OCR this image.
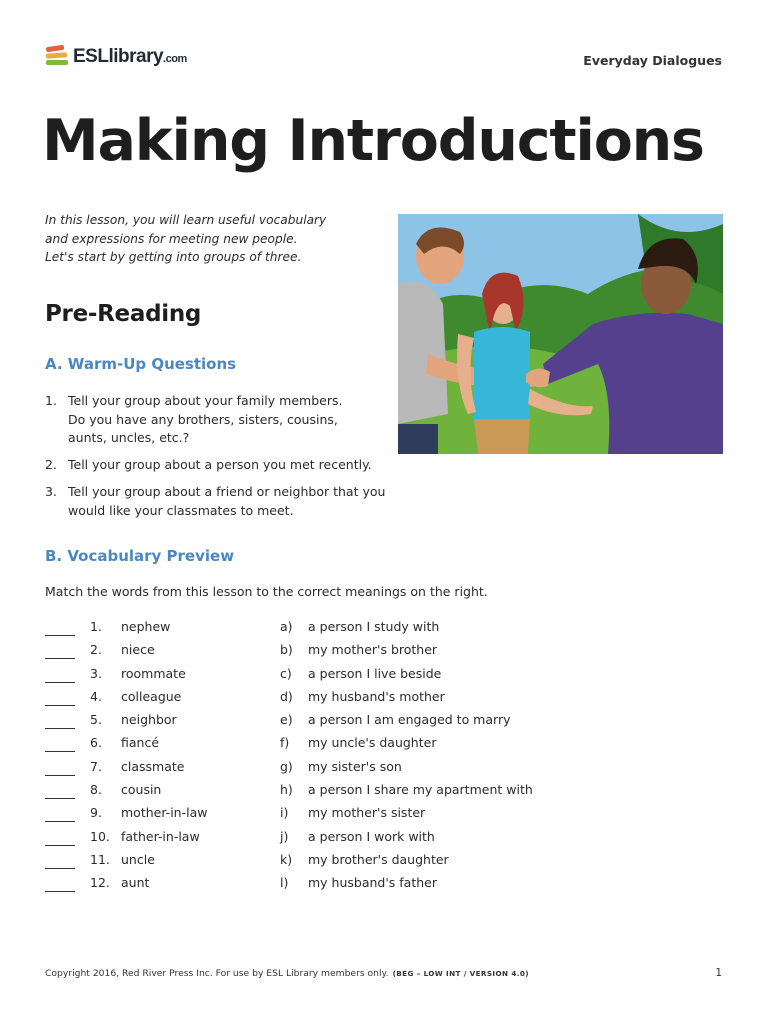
ESLlibrary.com	Everyday Dialogues
Making Introductions
In this lesson, you will learn useful vocabulary
and expressions for meeting new people.
Let's start by getting into groups of three.
Pre-Reading
A. Warm-Up Questions
1. Tell your group about your family members.
Do you have any brothers, sisters, cousins,
aunts, uncles, etc.?
2. Tell your group about a person you met recently.
3. Tell your group about a friend or neighbor that you
would like your classmates to meet.
B. Vocabulary Preview
Match the words from this lesson to the correct meanings on the right.
1.	nephew	a) a person I study with
2.	niece	b) my mother's brother
3.	roommate	c) a person I live beside
4.	colleague	d) my husband's mother
5.	neighbor	e) a person I am engaged to marry
6.	fiancé	f) my uncle's daughter
7.	classmate	g) my sister's son
8.	cousin	h) a person I share my apartment with
9.	mother-in-law	i) my mother's sister
10. father-in-law	j) a person I work with
11. uncle	k) my brother's daughter
12. aunt	l) my husband's father
Copyright 2016, Red River Press Inc. For use by ESL Library members only. (BEG – LOW INT / VERSION 4.0)	1
